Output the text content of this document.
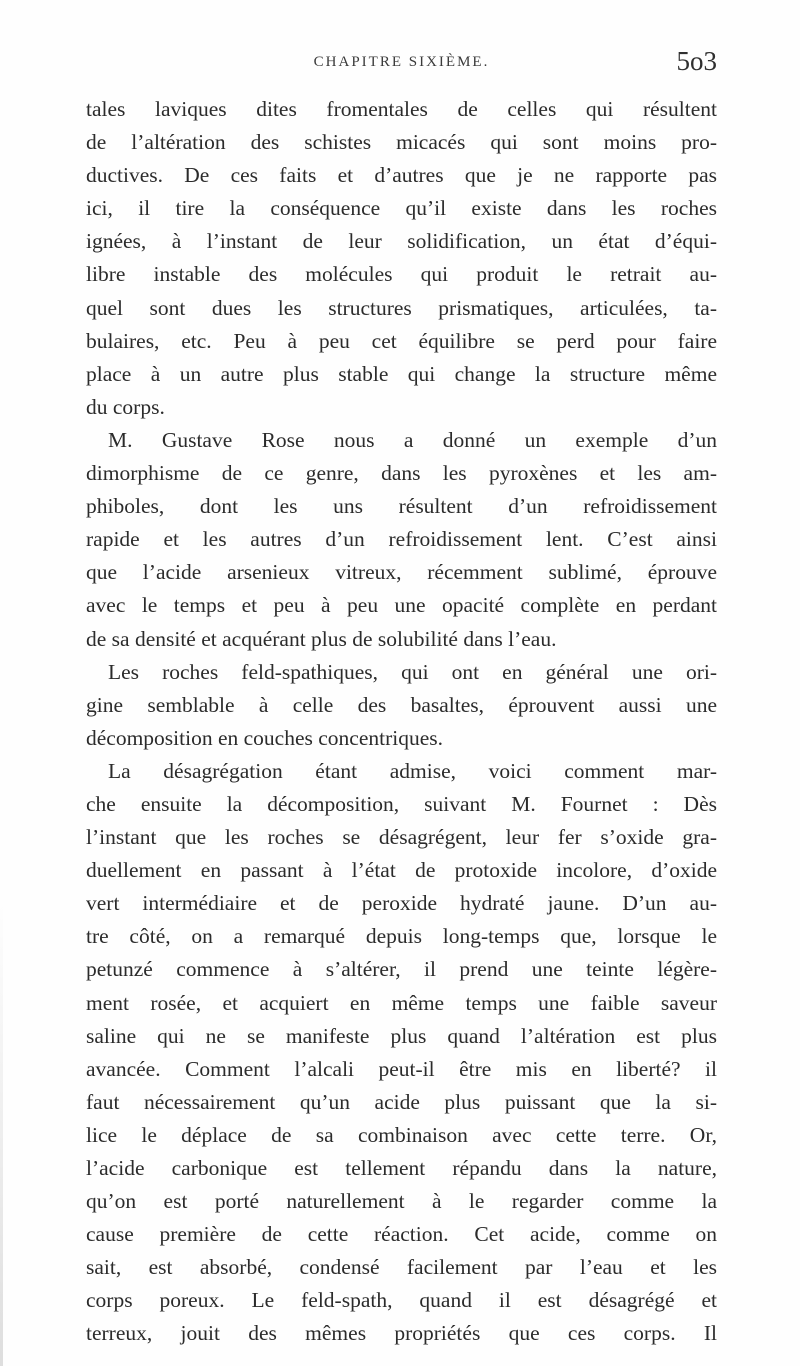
CHAPITRE SIXIÈME.	5o3
tales laviques dites fromentales de celles qui résultent
de l’altération des schistes micacés qui sont moins pro-
ductives. De ces faits et d’autres que je ne rapporte pas
ici, il tire la conséquence qu’il existe dans les roches
ignées, à l’instant de leur solidification, un état d’équi-
libre instable des molécules qui produit le retrait au-
quel sont dues les structures prismatiques, articulées, ta-
bulaires, etc. Peu à peu cet équilibre se perd pour faire
place à un autre plus stable qui change la structure même
du corps.
M. Gustave Rose nous a donné un exemple d’un
dimorphisme de ce genre, dans les pyroxènes et les am-
phiboles, dont les uns résultent d’un refroidissement
rapide et les autres d’un refroidissement lent. C’est ainsi
que l’acide arsenieux vitreux, récemment sublimé, éprouve
avec le temps et peu à peu une opacité complète en perdant
de sa densité et acquérant plus de solubilité dans l’eau.
Les roches feld-spathiques, qui ont en général une ori-
gine semblable à celle des basaltes, éprouvent aussi une
décomposition en couches concentriques.
La désagrégation étant admise, voici comment mar-
che ensuite la décomposition, suivant M. Fournet : Dès
l’instant que les roches se désagrégent, leur fer s’oxide gra-
duellement en passant à l’état de protoxide incolore, d’oxide
vert intermédiaire et de peroxide hydraté jaune. D’un au-
tre côté, on a remarqué depuis long-temps que, lorsque le
petunzé commence à s’altérer, il prend une teinte légère-
ment rosée, et acquiert en même temps une faible saveur
saline qui ne se manifeste plus quand l’altération est plus
avancée. Comment l’alcali peut-il être mis en liberté? il
faut nécessairement qu’un acide plus puissant que la si-
lice le déplace de sa combinaison avec cette terre. Or,
l’acide carbonique est tellement répandu dans la nature,
qu’on est porté naturellement à le regarder comme la
cause première de cette réaction. Cet acide, comme on
sait, est absorbé, condensé facilement par l’eau et les
corps poreux. Le feld-spath, quand il est désagrégé et
terreux, jouit des mêmes propriétés que ces corps. Il
